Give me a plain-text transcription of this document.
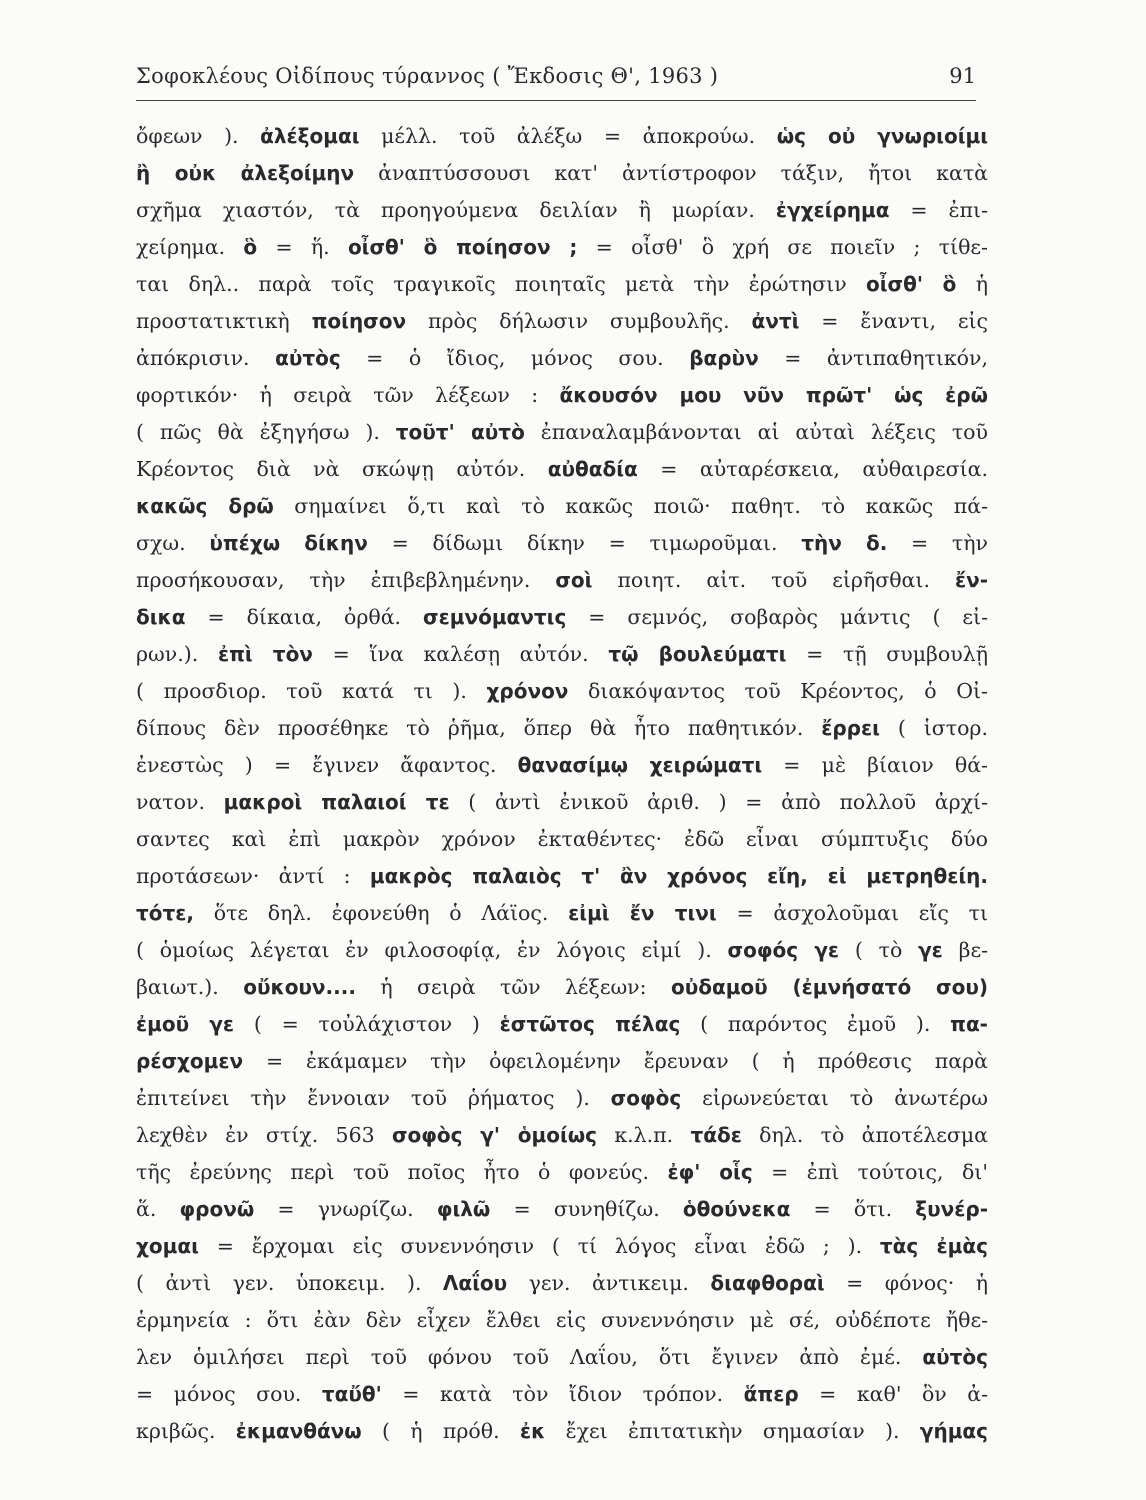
Σοφοκλέους Οἰδίπους τύραννος ( Ἔκδοσις Θ', 1963 )	91
ὄφεων ). ἀλέξομαι μέλλ. τοῦ ἀλέξω = ἀποκρούω. ὡς οὐ γνωριοίμι
ἢ οὐκ ἀλεξοίμην ἀναπτύσσουσι κατ' ἀντίστροφον τάξιν, ἤτοι κατὰ
σχῆμα χιαστόν, τὰ προηγούμενα δειλίαν ἢ μωρίαν. ἐγχείρημα = ἐπι-
χείρημα. ὃ = ἥ. οἶσθ' ὃ ποίησον ; = οἶσθ' ὃ χρή σε ποιεῖν ; τίθε-
ται δηλ.. παρὰ τοῖς τραγικοῖς ποιηταῖς μετὰ τὴν ἐρώτησιν οἶσθ' ὃ ἡ
προστατικτικὴ ποίησον πρὸς δήλωσιν συμβουλῆς. ἀντὶ = ἔναντι, εἰς
ἀπόκρισιν. αὐτὸς = ὁ ἴδιος, μόνος σου. βαρὺν = ἀντιπαθητικόν,
φορτικόν· ἡ σειρὰ τῶν λέξεων : ἄκουσόν μου νῦν πρῶτ' ὡς ἐρῶ
( πῶς θὰ ἐξηγήσω ). τοῦτ' αὐτὸ ἐπαναλαμβάνονται αἱ αὐταὶ λέξεις τοῦ
Κρέοντος διὰ νὰ σκώψῃ αὐτόν. αὐθαδία = αὐταρέσκεια, αὐθαιρεσία.
κακῶς δρῶ σημαίνει ὅ,τι καὶ τὸ κακῶς ποιῶ· παθητ. τὸ κακῶς πά-
σχω. ὑπέχω δίκην = δίδωμι δίκην = τιμωροῦμαι. τὴν δ. = τὴν
προσήκουσαν, τὴν ἐπιβεβλημένην. σοὶ ποιητ. αἰτ. τοῦ εἰρῆσθαι. ἔν-
δικα = δίκαια, ὀρθά. σεμνόμαντις = σεμνός, σοβαρὸς μάντις ( εἰ-
ρων.). ἐπὶ τὸν = ἵνα καλέσῃ αὐτόν. τῷ βουλεύματι = τῇ συμβουλῇ
( προσδιορ. τοῦ κατά τι ). χρόνον διακόψαντος τοῦ Κρέοντος, ὁ Οἰ-
δίπους δὲν προσέθηκε τὸ ῥῆμα, ὅπερ θὰ ἦτο παθητικόν. ἔρρει ( ἱστορ.
ἐνεστὼς ) = ἔγινεν ἄφαντος. θανασίμῳ χειρώματι = μὲ βίαιον θά-
νατον. μακροὶ παλαιοί τε ( ἀντὶ ἐνικοῦ ἀριθ. ) = ἀπὸ πολλοῦ ἀρχί-
σαντες καὶ ἐπὶ μακρὸν χρόνον ἐκταθέντες· ἐδῶ εἶναι σύμπτυξις δύο
προτάσεων· ἀντί : μακρὸς παλαιὸς τ' ἂν χρόνος εἴη, εἰ μετρηθείη.
τότε, ὅτε δηλ. ἐφονεύθη ὁ Λάϊος. εἰμὶ ἔν τινι = ἀσχολοῦμαι εἴς τι
( ὁμοίως λέγεται ἐν φιλοσοφίᾳ, ἐν λόγοις εἰμί ). σοφός γε ( τὸ γε βε-
βαιωτ.). οὔκουν.... ἡ σειρὰ τῶν λέξεων: οὐδαμοῦ (ἐμνήσατό σου)
ἐμοῦ γε ( = τοὐλάχιστον ) ἑστῶτος πέλας ( παρόντος ἐμοῦ ). πα-
ρέσχομεν = ἐκάμαμεν τὴν ὀφειλομένην ἔρευναν ( ἡ πρόθεσις παρὰ
ἐπιτείνει τὴν ἔννοιαν τοῦ ῥήματος ). σοφὸς εἰρωνεύεται τὸ ἀνωτέρω
λεχθὲν ἐν στίχ. 563 σοφὸς γ' ὁμοίως κ.λ.π. τάδε δηλ. τὸ ἀποτέλεσμα
τῆς ἐρεύνης περὶ τοῦ ποῖος ἦτο ὁ φονεύς. ἐφ' οἷς = ἐπὶ τούτοις, δι'
ἅ. φρονῶ = γνωρίζω. φιλῶ = συνηθίζω. ὁθούνεκα = ὅτι. ξυνέρ-
χομαι = ἔρχομαι εἰς συνεννόησιν ( τί λόγος εἶναι ἐδῶ ; ). τὰς ἐμὰς
( ἀντὶ γεν. ὑποκειμ. ). Λαΐου γεν. ἀντικειμ. διαφθοραὶ = φόνος· ἡ
ἑρμηνεία : ὅτι ἐὰν δὲν εἶχεν ἔλθει εἰς συνεννόησιν μὲ σέ, οὐδέποτε ἤθε-
λεν ὁμιλήσει περὶ τοῦ φόνου τοῦ Λαΐου, ὅτι ἔγινεν ἀπὸ ἐμέ. αὐτὸς
= μόνος σου. ταὔθ' = κατὰ τὸν ἴδιον τρόπον. ἅπερ = καθ' ὃν ἀ-
κριβῶς. ἐκμανθάνω ( ἡ πρόθ. ἐκ ἔχει ἐπιτατικὴν σημασίαν ). γήμας
